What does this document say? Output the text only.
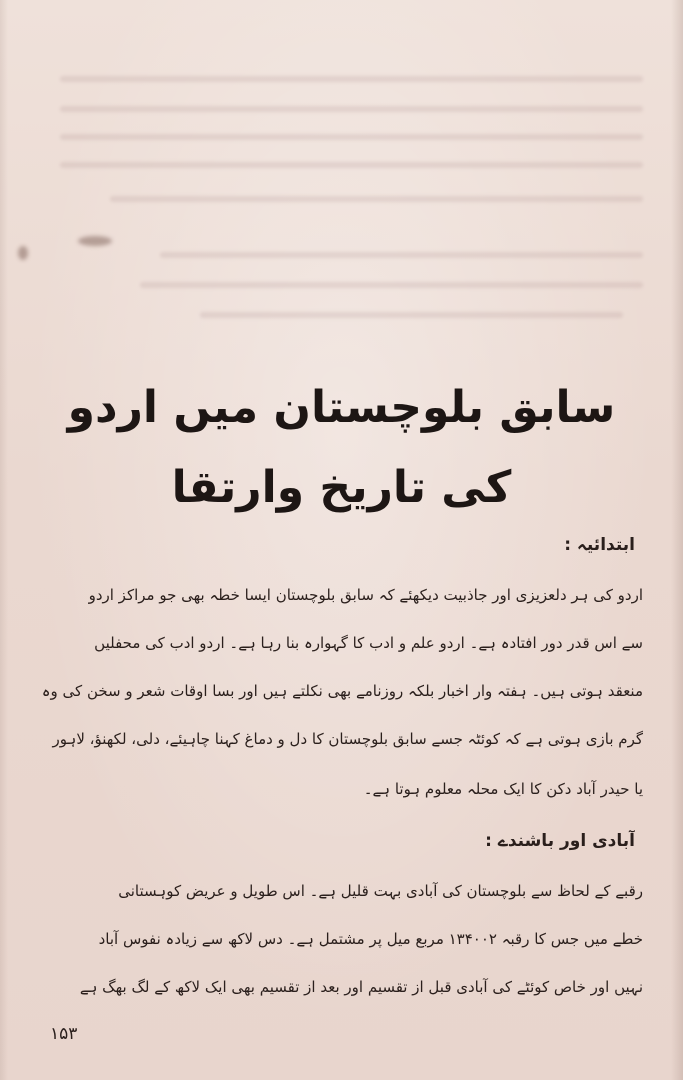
سابق بلوچستان میں اردو کی تاریخ وارتقا
ابتدائیہ :
اردو کی ہر دلعزیزی اور جاذبیت دیکھئے کہ سابق بلوچستان ایسا خطہ بھی جو مراکز اردو
سے اس قدر دور افتادہ ہے۔ اردو علم و ادب کا گہوارہ بنا رہا ہے۔ اردو ادب کی محفلیں
منعقد ہوتی ہیں۔ ہفتہ وار اخبار بلکہ روزنامے بھی نکلتے ہیں اور بسا اوقات شعر و سخن کی وہ
گرم بازی ہوتی ہے کہ کوئٹہ جسے سابق بلوچستان کا دل و دماغ کہنا چاہیئے، دلی، لکھنؤ، لاہور
یا حیدر آباد دکن کا ایک محلہ معلوم ہوتا ہے۔
آبادی اور باشندے :
رقبے کے لحاظ سے بلوچستان کی آبادی بہت قلیل ہے۔ اس طویل و عریض کوہستانی
خطے میں جس کا رقبہ ۱۳۴۰۰۲ مربع میل پر مشتمل ہے۔ دس لاکھ سے زیادہ نفوس آباد
نہیں اور خاص کوئٹے کی آبادی قبل از تقسیم اور بعد از تقسیم بھی ایک لاکھ کے لگ بھگ ہے
۱۵۳
